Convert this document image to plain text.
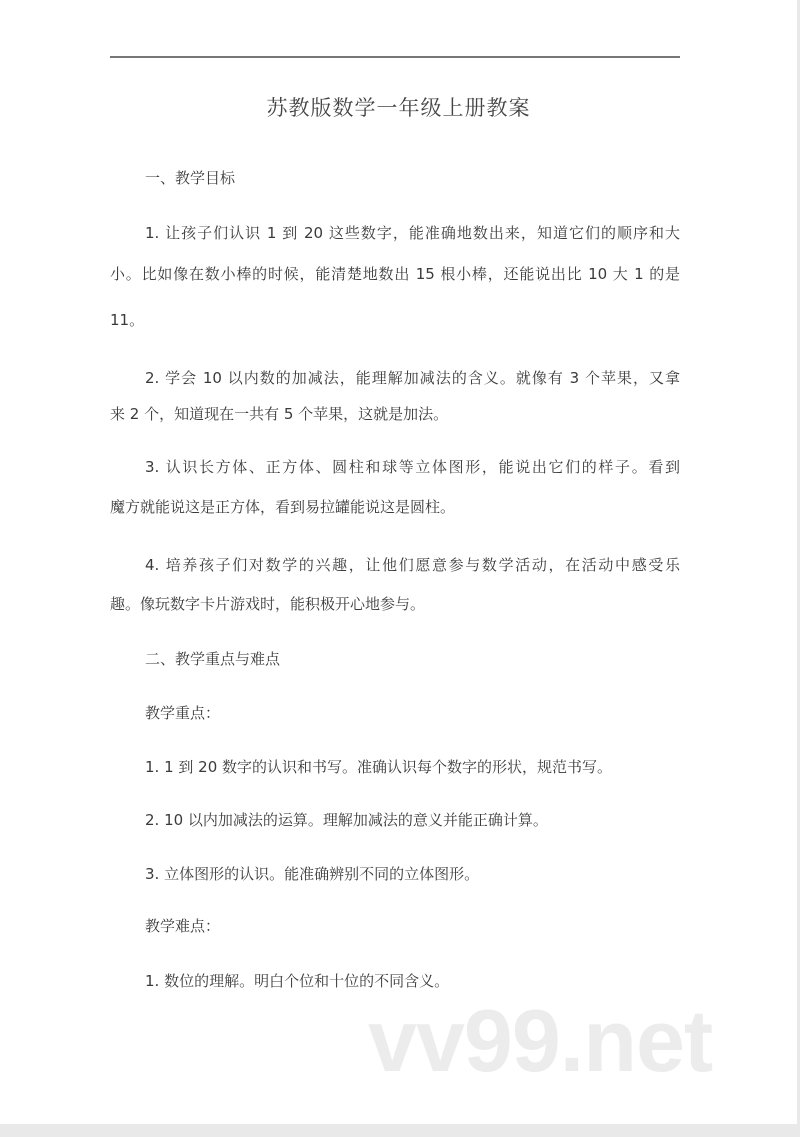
苏教版数学一年级上册教案
一、教学目标
1. 让孩子们认识 1 到 20 这些数字，能准确地数出来，知道它们的顺序和大
小。比如像在数小棒的时候，能清楚地数出 15 根小棒，还能说出比 10 大 1 的是
11。
2. 学会 10 以内数的加减法，能理解加减法的含义。就像有 3 个苹果，又拿
来 2 个，知道现在一共有 5 个苹果，这就是加法。
3. 认识长方体、正方体、圆柱和球等立体图形，能说出它们的样子。看到
魔方就能说这是正方体，看到易拉罐能说这是圆柱。
4. 培养孩子们对数学的兴趣，让他们愿意参与数学活动，在活动中感受乐
趣。像玩数字卡片游戏时，能积极开心地参与。
二、教学重点与难点
教学重点：
1. 1 到 20 数字的认识和书写。准确认识每个数字的形状，规范书写。
2. 10 以内加减法的运算。理解加减法的意义并能正确计算。
3. 立体图形的认识。能准确辨别不同的立体图形。
教学难点：
1. 数位的理解。明白个位和十位的不同含义。
vv99.net
